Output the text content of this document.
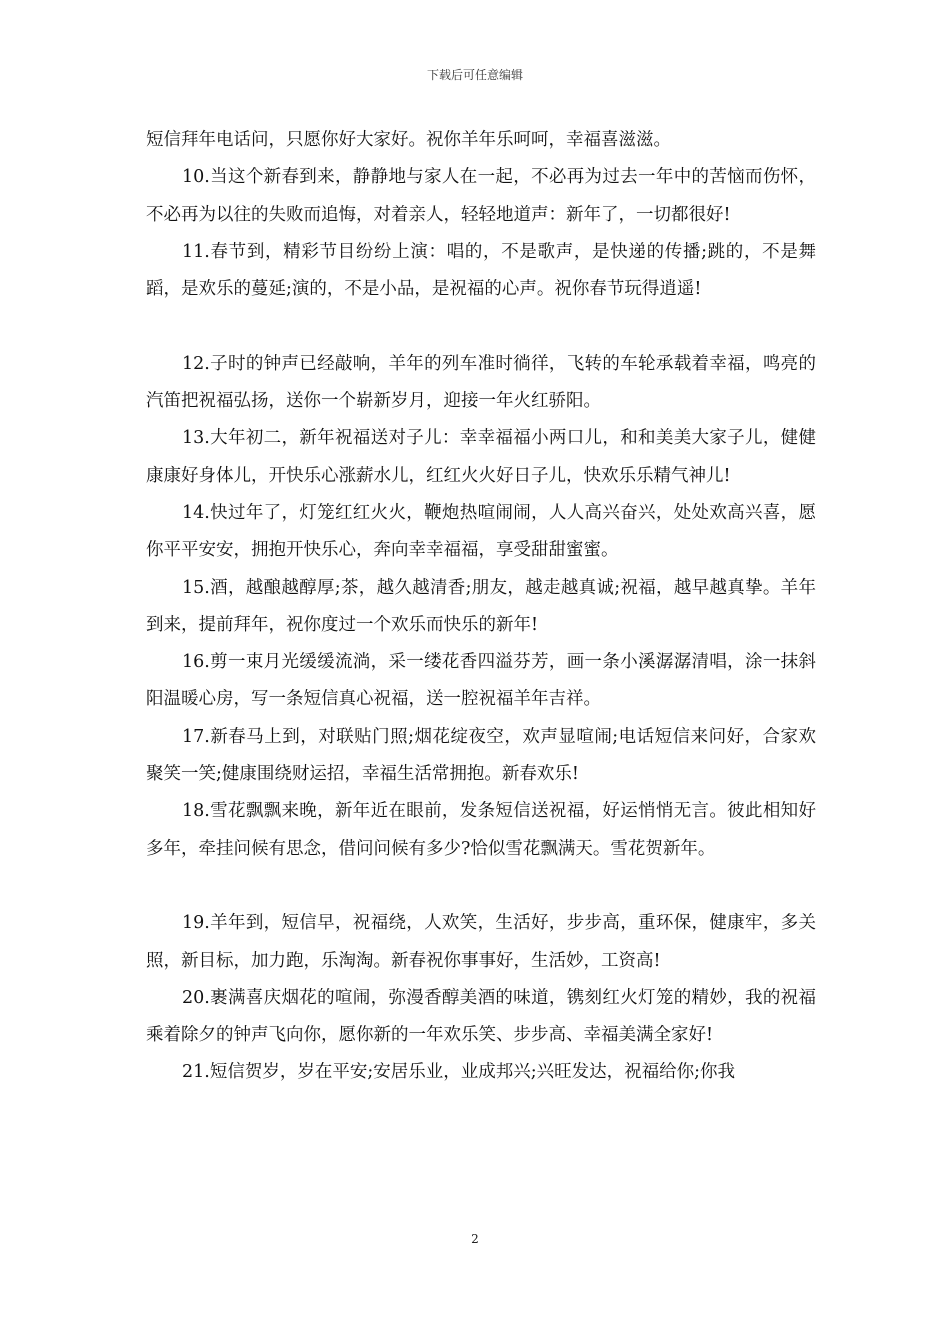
下载后可任意编辑

短信拜年电话问，只愿你好大家好。祝你羊年乐呵呵，幸福喜滋滋。

10.当这个新春到来，静静地与家人在一起，不必再为过去一年中的苦恼而伤怀，不必再为以往的失败而追悔，对着亲人，轻轻地道声：新年了，一切都很好!

11.春节到，精彩节目纷纷上演：唱的，不是歌声，是快递的传播;跳的，不是舞蹈，是欢乐的蔓延;演的，不是小品，是祝福的心声。祝你春节玩得逍遥!

12.子时的钟声已经敲响，羊年的列车准时徜徉，飞转的车轮承载着幸福，鸣亮的汽笛把祝福弘扬，送你一个崭新岁月，迎接一年火红骄阳。

13.大年初二，新年祝福送对子儿：幸幸福福小两口儿，和和美美大家子儿，健健康康好身体儿，开快乐心涨薪水儿，红红火火好日子儿，快欢乐乐精气神儿!

14.快过年了，灯笼红红火火，鞭炮热喧闹闹，人人高兴奋兴，处处欢高兴喜，愿你平平安安，拥抱开快乐心，奔向幸幸福福，享受甜甜蜜蜜。

15.酒，越酿越醇厚;茶，越久越清香;朋友，越走越真诚;祝福，越早越真挚。羊年到来，提前拜年，祝你度过一个欢乐而快乐的新年!

16.剪一束月光缓缓流淌，采一缕花香四溢芬芳，画一条小溪潺潺清唱，涂一抹斜阳温暖心房，写一条短信真心祝福，送一腔祝福羊年吉祥。

17.新春马上到，对联贴门照;烟花绽夜空，欢声显喧闹;电话短信来问好，合家欢聚笑一笑;健康围绕财运招，幸福生活常拥抱。新春欢乐!

18.雪花飘飘来晚，新年近在眼前，发条短信送祝福，好运悄悄无言。彼此相知好多年，牵挂问候有思念，借问问候有多少?恰似雪花飘满天。雪花贺新年。

19.羊年到，短信早，祝福绕，人欢笑，生活好，步步高，重环保，健康牢，多关照，新目标，加力跑，乐淘淘。新春祝你事事好，生活妙，工资高!

20.裹满喜庆烟花的喧闹，弥漫香醇美酒的味道，镌刻红火灯笼的精妙，我的祝福乘着除夕的钟声飞向你，愿你新的一年欢乐笑、步步高、幸福美满全家好!

21.短信贺岁，岁在平安;安居乐业，业成邦兴;兴旺发达，祝福给你;你我

2
